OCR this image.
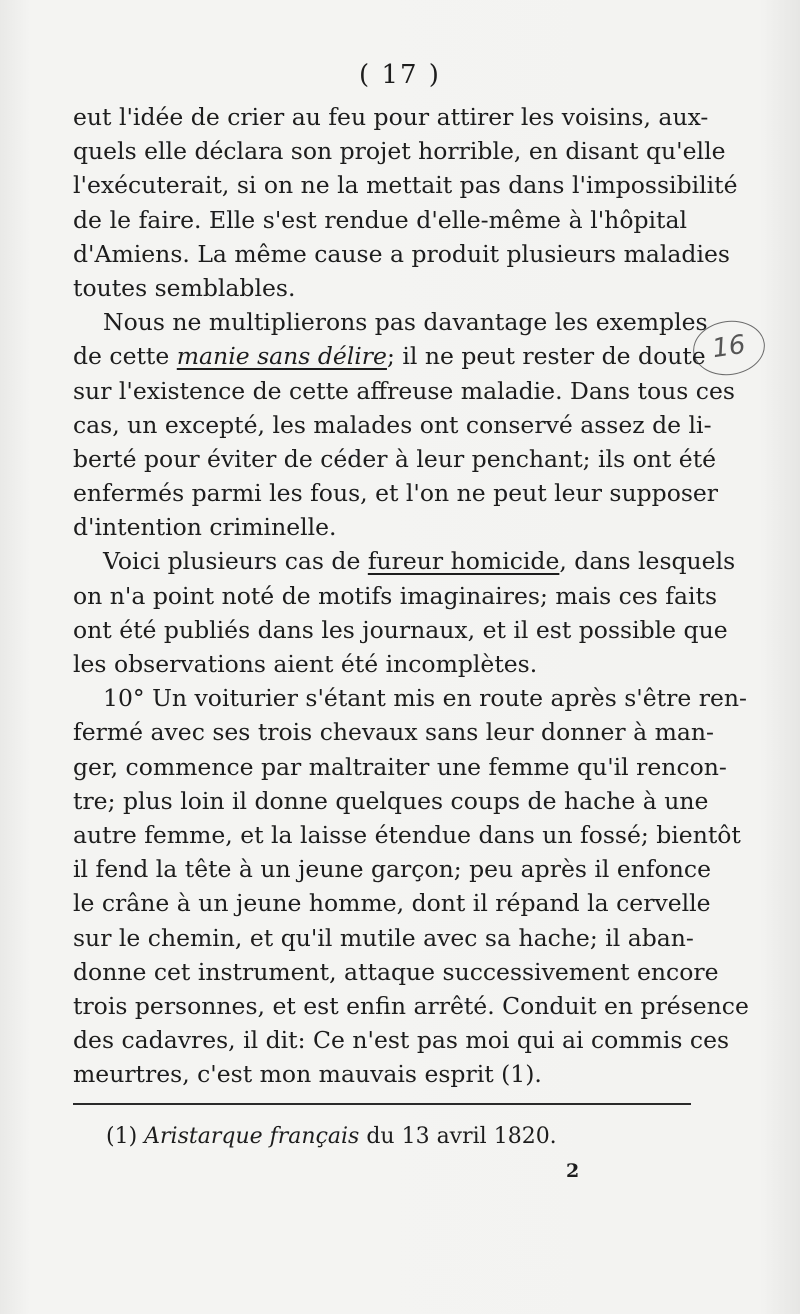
( 17 )
16
eut l'idée de crier au feu pour attirer les voisins, aux-
quels elle déclara son projet horrible, en disant qu'elle
l'exécuterait, si on ne la mettait pas dans l'impossibilité
de le faire. Elle s'est rendue d'elle-même à l'hôpital
d'Amiens. La même cause a produit plusieurs maladies
toutes semblables.
Nous ne multiplierons pas davantage les exemples
de cette manie sans délire; il ne peut rester de doute
sur l'existence de cette affreuse maladie. Dans tous ces
cas, un excepté, les malades ont conservé assez de li-
berté pour éviter de céder à leur penchant; ils ont été
enfermés parmi les fous, et l'on ne peut leur supposer
d'intention criminelle.
Voici plusieurs cas de fureur homicide, dans lesquels
on n'a point noté de motifs imaginaires; mais ces faits
ont été publiés dans les journaux, et il est possible que
les observations aient été incomplètes.
10° Un voiturier s'étant mis en route après s'être ren-
fermé avec ses trois chevaux sans leur donner à man-
ger, commence par maltraiter une femme qu'il rencon-
tre; plus loin il donne quelques coups de hache à une
autre femme, et la laisse étendue dans un fossé; bientôt
il fend la tête à un jeune garçon; peu après il enfonce
le crâne à un jeune homme, dont il répand la cervelle
sur le chemin, et qu'il mutile avec sa hache; il aban-
donne cet instrument, attaque successivement encore
trois personnes, et est enfin arrêté. Conduit en présence
des cadavres, il dit: Ce n'est pas moi qui ai commis ces
meurtres, c'est mon mauvais esprit (1).
(1) Aristarque français du 13 avril 1820.
2
